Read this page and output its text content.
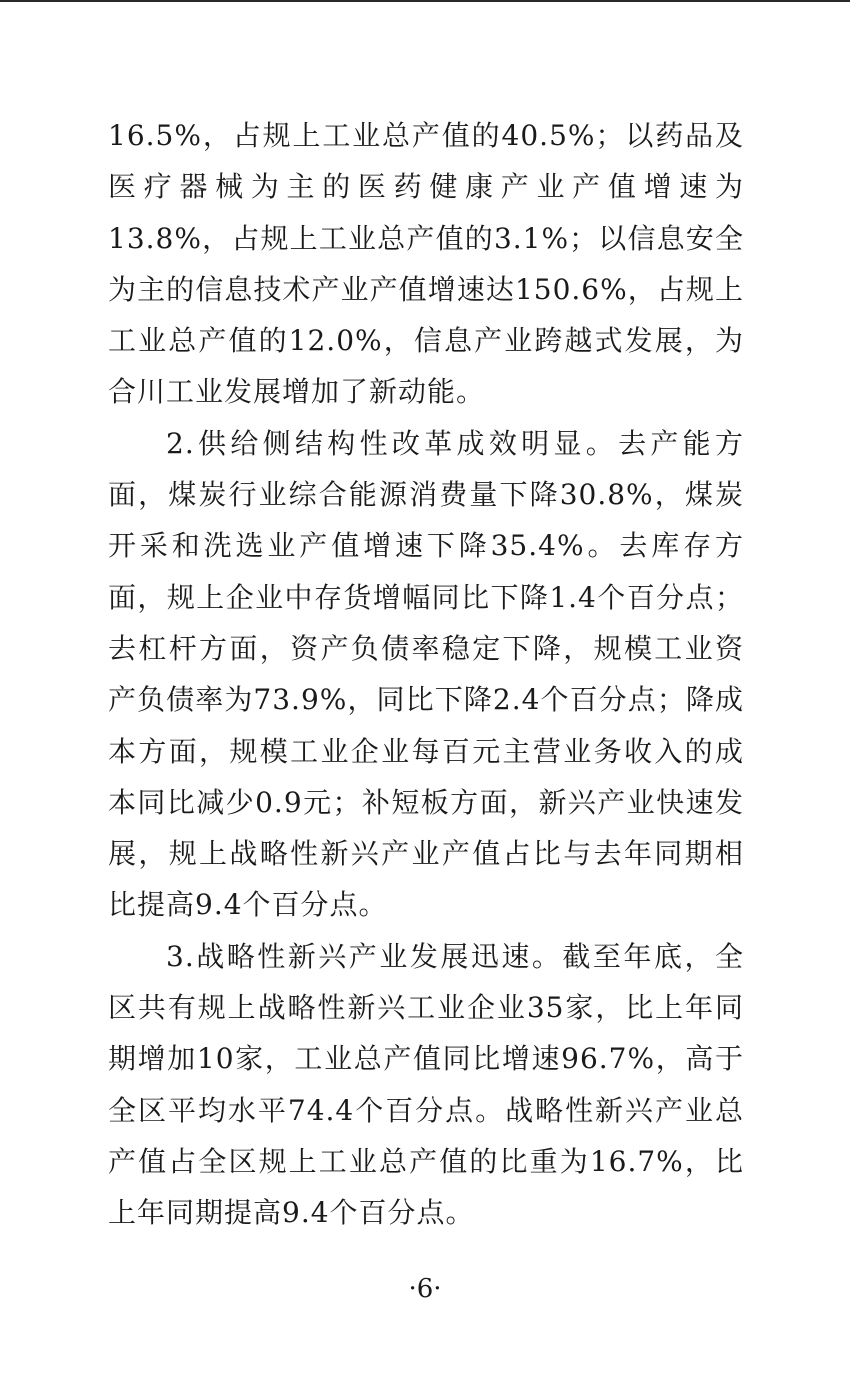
16.5%，占规上工业总产值的40.5%；以药品及医疗器械为主的医药健康产业产值增速为13.8%，占规上工业总产值的3.1%；以信息安全为主的信息技术产业产值增速达150.6%，占规上工业总产值的12.0%，信息产业跨越式发展，为合川工业发展增加了新动能。

2.供给侧结构性改革成效明显。去产能方面，煤炭行业综合能源消费量下降30.8%，煤炭开采和洗选业产值增速下降35.4%。去库存方面，规上企业中存货增幅同比下降1.4个百分点；去杠杆方面，资产负债率稳定下降，规模工业资产负债率为73.9%，同比下降2.4个百分点；降成本方面，规模工业企业每百元主营业务收入的成本同比减少0.9元；补短板方面，新兴产业快速发展，规上战略性新兴产业产值占比与去年同期相比提高9.4个百分点。

3.战略性新兴产业发展迅速。截至年底，全区共有规上战略性新兴工业企业35家，比上年同期增加10家，工业总产值同比增速96.7%，高于全区平均水平74.4个百分点。战略性新兴产业总产值占全区规上工业总产值的比重为16.7%，比上年同期提高9.4个百分点。

·6·
